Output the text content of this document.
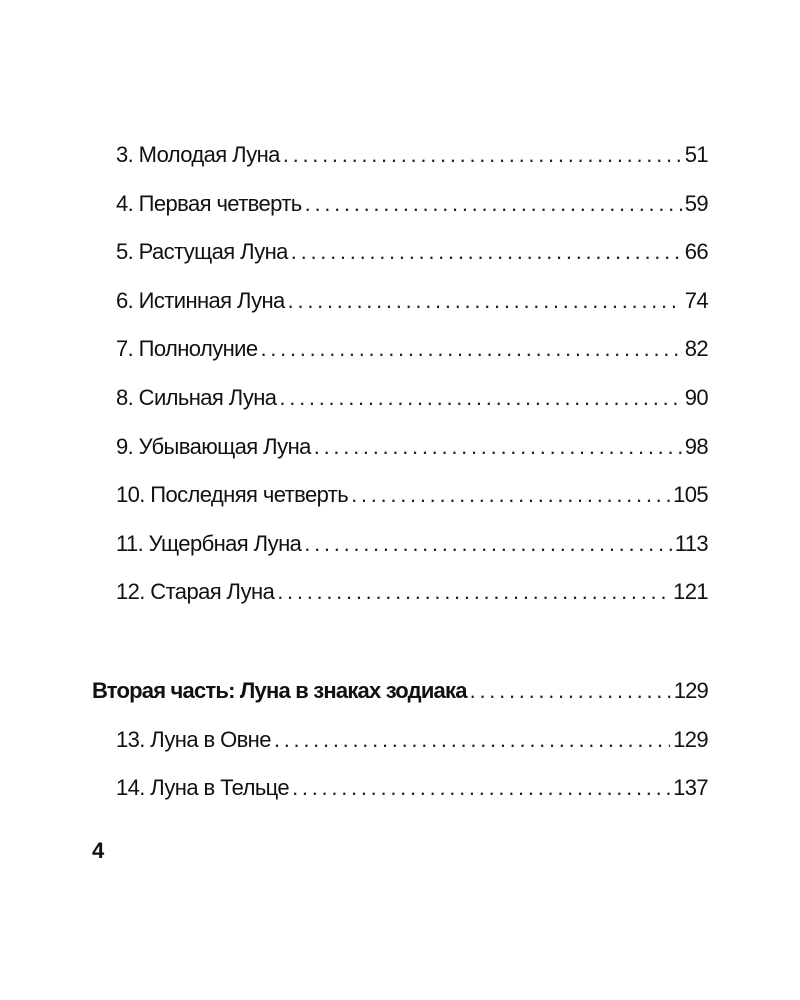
3. Молодая Луна . . .	51
4. Первая четверть . . .	59
5. Растущая Луна . . .	66
6. Истинная Луна . . .	74
7. Полнолуние . . .	82
8. Сильная Луна . . .	90
9. Убывающая Луна . . .	98
10. Последняя четверть . . .	105
11. Ущербная Луна . . .	113
12. Старая Луна . . .	121
Вторая часть: Луна в знаках зодиака . . .	129
13. Луна в Овне . . .	129
14. Луна в Тельце . . .	137
4
